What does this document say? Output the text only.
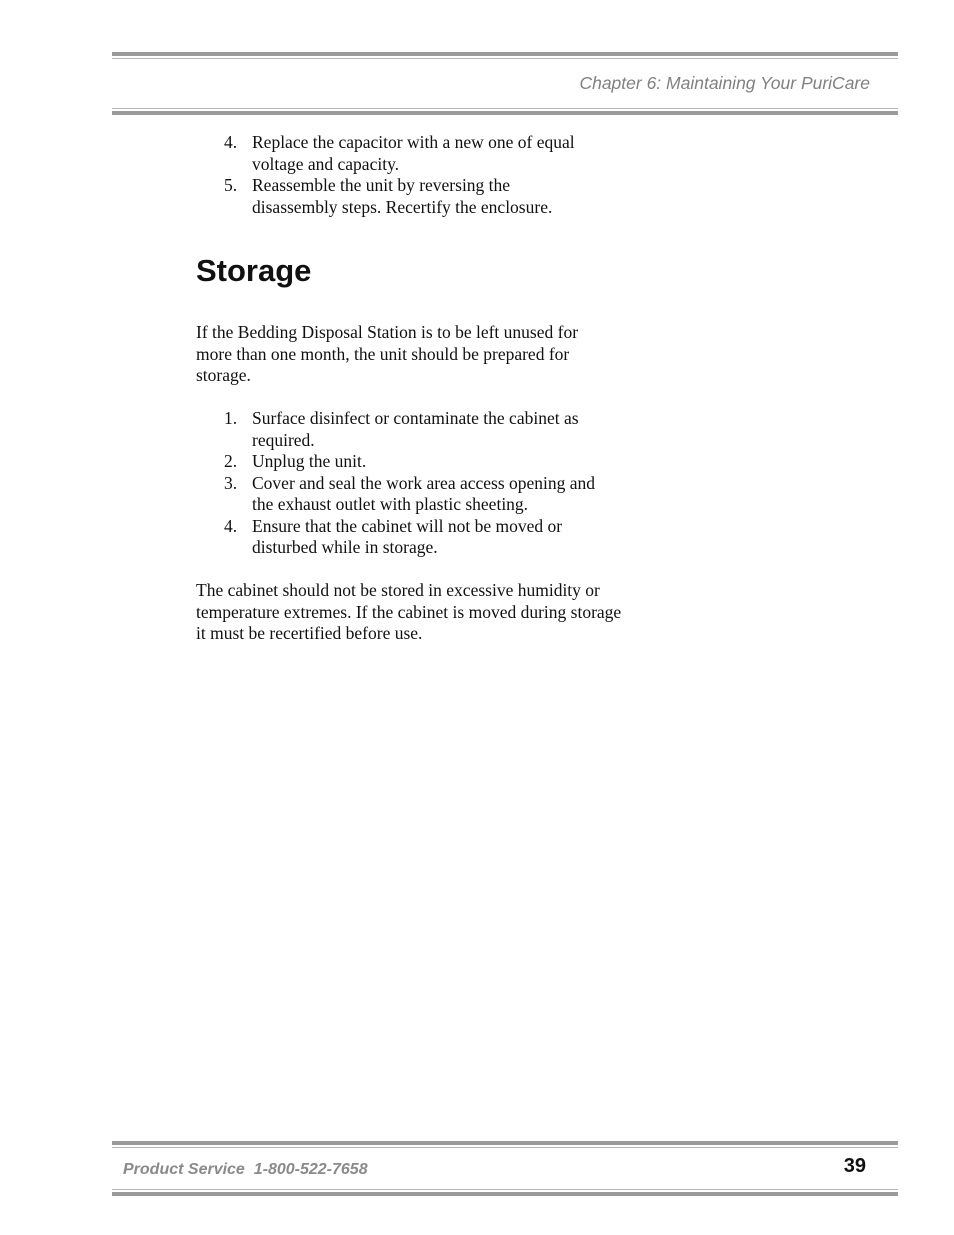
Chapter 6: Maintaining Your PuriCare
4. Replace the capacitor with a new one of equal voltage and capacity.
5. Reassemble the unit by reversing the disassembly steps. Recertify the enclosure.
Storage

If the Bedding Disposal Station is to be left unused for more than one month, the unit should be prepared for storage.

1. Surface disinfect or contaminate the cabinet as required.
2. Unplug the unit.
3. Cover and seal the work area access opening and the exhaust outlet with plastic sheeting.
4. Ensure that the cabinet will not be moved or disturbed while in storage.

The cabinet should not be stored in excessive humidity or temperature extremes. If the cabinet is moved during storage it must be recertified before use.

Product Service  1-800-522-7658	39
